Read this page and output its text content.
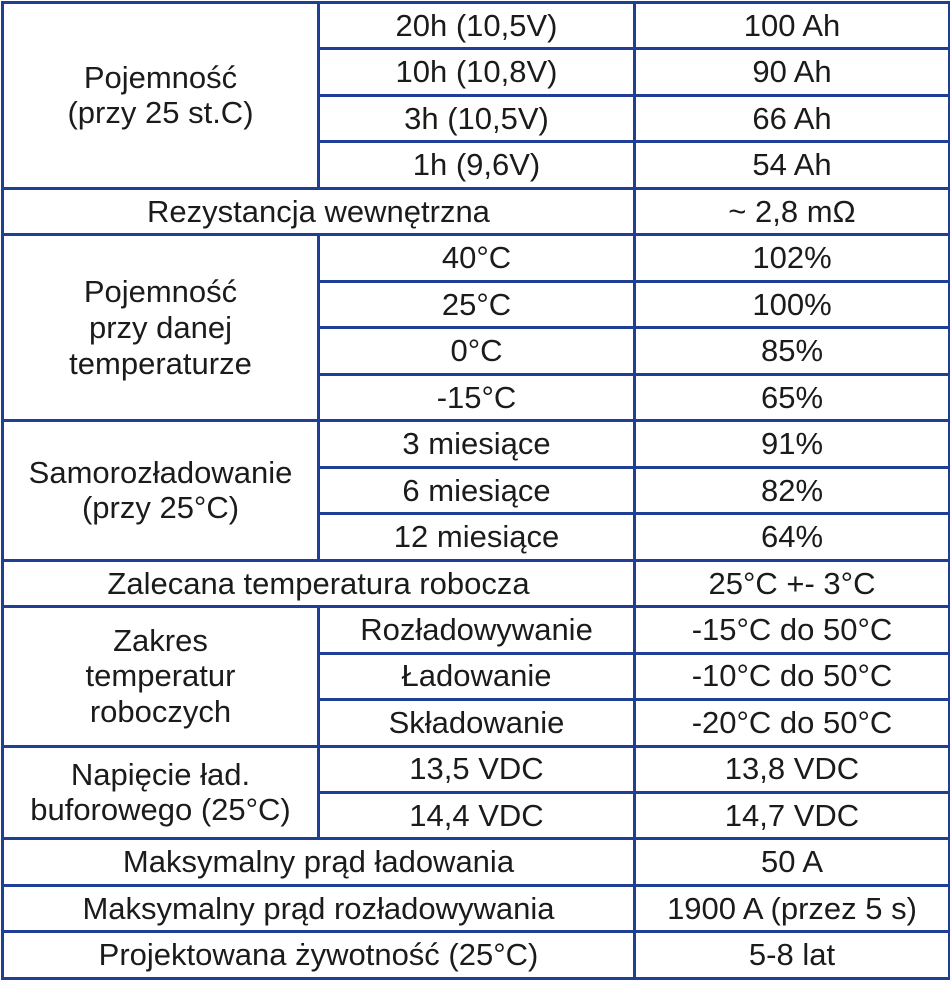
Pojemność
(przy 25 st.C)	20h (10,5V)	100 Ah
	10h (10,8V)	90 Ah
	3h (10,5V)	66 Ah
	1h (9,6V)	54 Ah
Rezystancja wewnętrzna		~ 2,8 mΩ

Pojemność
przy danej
temperaturze	40°C	102%
	25°C	100%
	0°C	85%
	-15°C	65%

Samorozładowanie
(przy 25°C)	3 miesiące	91%
	6 miesiące	82%
	12 miesiące	64%
Zalecana temperatura robocza		25°C +- 3°C

Zakres
temperatur
roboczych	Rozładowywanie	-15°C do 50°C
	Ładowanie	-10°C do 50°C
	Składowanie	-20°C do 50°C

Napięcie ład.
buforowego (25°C)	13,5 VDC	13,8 VDC
	14,4 VDC	14,7 VDC
Maksymalny prąd ładowania		50 A
Maksymalny prąd rozładowywania		1900 A (przez 5 s)
Projektowana żywotność (25°C)		5-8 lat
